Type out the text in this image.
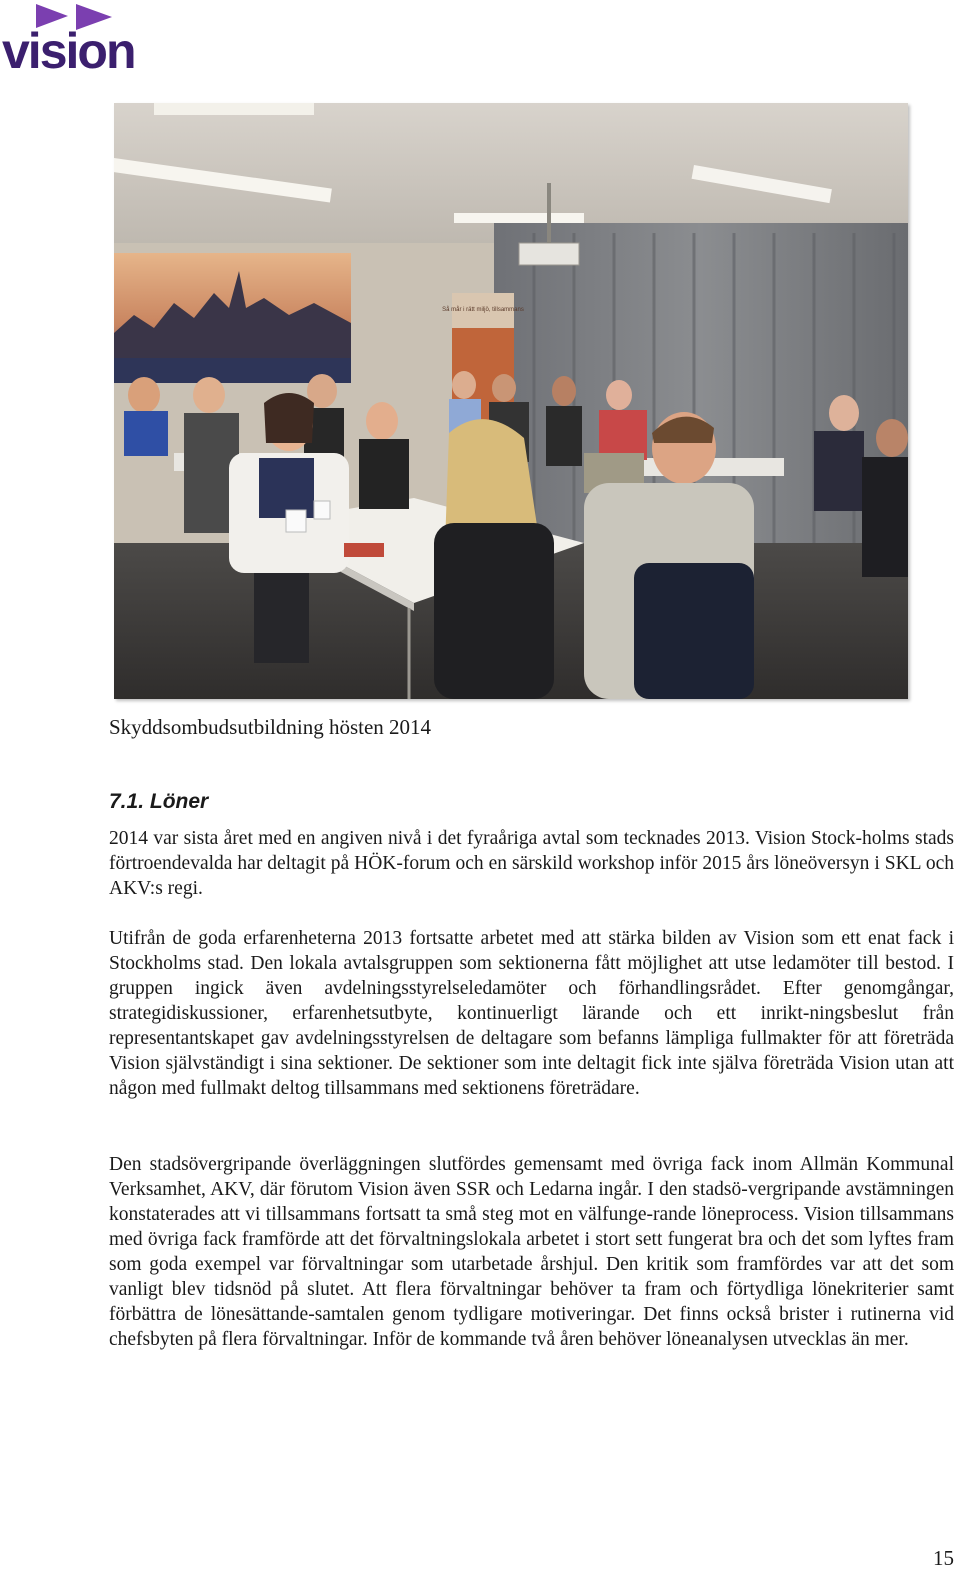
vision
Så mår i rätt miljö, tillsammans
Skyddsombudsutbildning hösten 2014
7.1. Löner

2014 var sista året med en angiven nivå i det fyraåriga avtal som tecknades 2013. Vision Stock-holms stads förtroendevalda har deltagit på HÖK-forum och en särskild workshop inför 2015 års löneöversyn i SKL och AKV:s regi.

Utifrån de goda erfarenheterna 2013 fortsatte arbetet med att stärka bilden av Vision som ett enat fack i Stockholms stad. Den lokala avtalsgruppen som sektionerna fått möjlighet att utse ledamöter till bestod. I gruppen ingick även avdelningsstyrelseledamöter och förhandlingsrådet. Efter genomgångar, strategidiskussioner, erfarenhetsutbyte, kontinuerligt lärande och ett inrikt-ningsbeslut från representantskapet gav avdelningsstyrelsen de deltagare som befanns lämpliga fullmakter för att företräda Vision självständigt i sina sektioner. De sektioner som inte deltagit fick inte själva företräda Vision utan att någon med fullmakt deltog tillsammans med sektionens företrädare.

Den stadsövergripande överläggningen slutfördes gemensamt med övriga fack inom Allmän Kommunal Verksamhet, AKV, där förutom Vision även SSR och Ledarna ingår. I den stadsö-vergripande avstämningen konstaterades att vi tillsammans fortsatt ta små steg mot en välfunge-rande löneprocess. Vision tillsammans med övriga fack framförde att det förvaltningslokala arbetet i stort sett fungerat bra och det som lyftes fram som goda exempel var förvaltningar som utarbetade årshjul. Den kritik som framfördes var att det som vanligt blev tidsnöd på slutet. Att flera förvaltningar behöver ta fram och förtydliga lönekriterier samt förbättra de lönesättande-samtalen genom tydligare motiveringar. Det finns också brister i rutinerna vid chefsbyten på flera förvaltningar. Inför de kommande två åren behöver löneanalysen utvecklas än mer.

15
